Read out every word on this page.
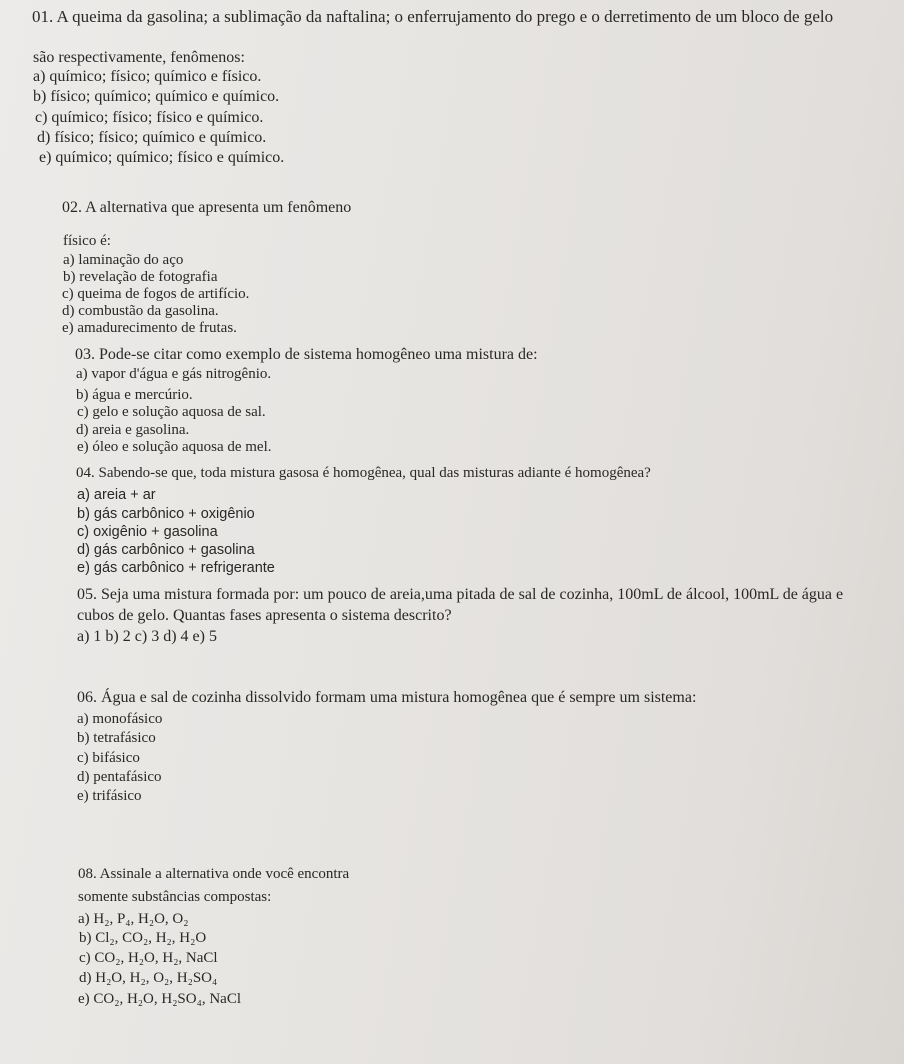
01. A queima da gasolina; a sublimação da naftalina; o enferrujamento do prego e o derretimento de um bloco de gelo
são respectivamente, fenômenos:
a) químico; físico; químico e físico.
b) físico; químico; químico e químico.
c) químico; físico; físico e químico.
d) físico; físico; químico e químico.
e) químico; químico; físico e químico.
02. A alternativa que apresenta um fenômeno
físico é:
a) laminação do aço
b) revelação de fotografia
c) queima de fogos de artifício.
d) combustão da gasolina.
e) amadurecimento de frutas.
03. Pode-se citar como exemplo de sistema homogêneo uma mistura de:
a) vapor d'água e gás nitrogênio.
b) água e mercúrio.
c) gelo e solução aquosa de sal.
d) areia e gasolina.
e) óleo e solução aquosa de mel.
04. Sabendo-se que, toda mistura gasosa é homogênea, qual das misturas adiante é homogênea?
a) areia + ar
b) gás carbônico + oxigênio
c) oxigênio + gasolina
d) gás carbônico + gasolina
e) gás carbônico + refrigerante
05. Seja uma mistura formada por: um pouco de areia,uma pitada de sal de cozinha, 100mL de álcool, 100mL de água e
cubos de gelo. Quantas fases apresenta o sistema descrito?
a) 1 b) 2 c) 3 d) 4 e) 5
06. Água e sal de cozinha dissolvido formam uma mistura homogênea que é sempre um sistema:
a) monofásico
b) tetrafásico
c) bifásico
d) pentafásico
e) trifásico
08. Assinale a alternativa onde você encontra
somente substâncias compostas:
a) H₂, P₄, H₂O, O₂
b) Cl₂, CO₂, H₂, H₂O
c) CO₂, H₂O, H₂, NaCl
d) H₂O, H₂, O₂, H₂SO₄
e) CO₂, H₂O, H₂SO₄, NaCl
